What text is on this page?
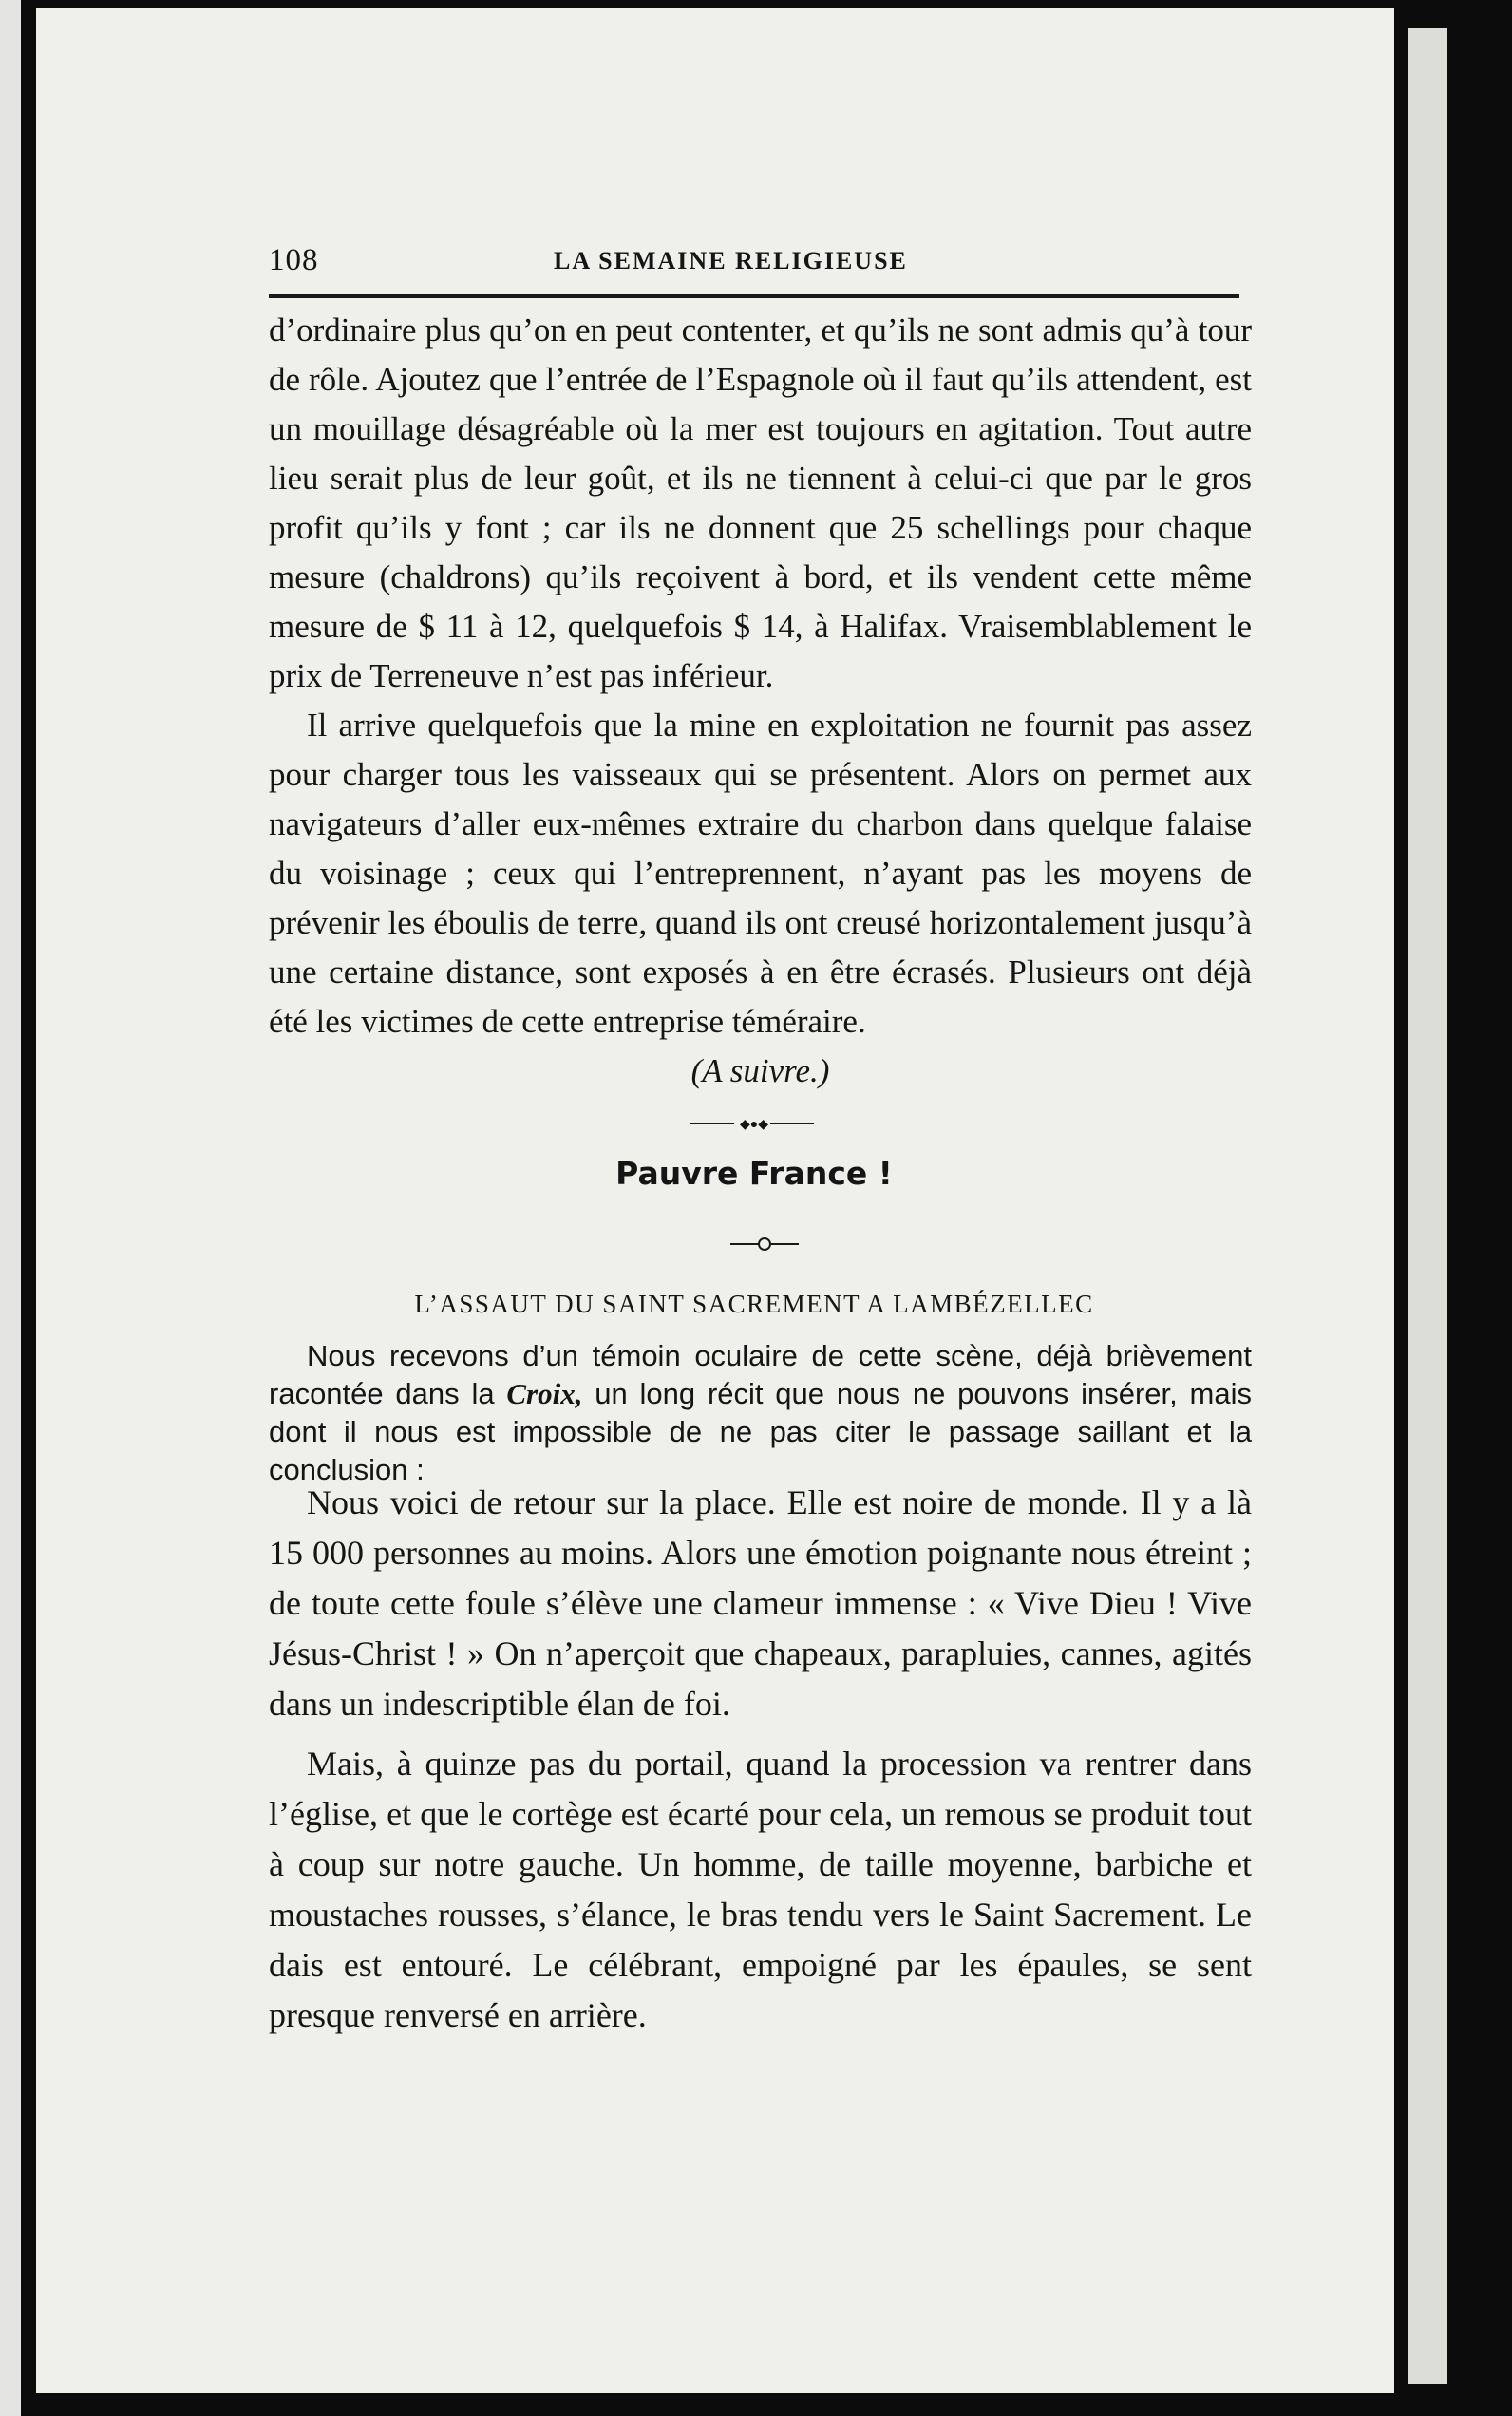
108	LA SEMAINE RELIGIEUSE

d’ordinaire plus qu’on en peut contenter, et qu’ils ne sont admis qu’à tour de rôle. Ajoutez que l’entrée de l’Espagnole où il faut qu’ils attendent, est un mouillage désagréable où la mer est toujours en agitation. Tout autre lieu serait plus de leur goût, et ils ne tiennent à celui-ci que par le gros profit qu’ils y font ; car ils ne donnent que 25 schellings pour chaque mesure (chaldrons) qu’ils reçoivent à bord, et ils vendent cette même mesure de $ 11 à 12, quelquefois $ 14, à Halifax. Vraisemblablement le prix de Terreneuve n’est pas inférieur.

Il arrive quelquefois que la mine en exploitation ne fournit pas assez pour charger tous les vaisseaux qui se présentent. Alors on permet aux navigateurs d’aller eux-mêmes extraire du charbon dans quelque falaise du voisinage ; ceux qui l’entreprennent, n’ayant pas les moyens de prévenir les éboulis de terre, quand ils ont creusé horizontalement jusqu’à une certaine distance, sont exposés à en être écrasés. Plusieurs ont déjà été les victimes de cette entreprise téméraire.

(A suivre.)

◆●◆
Pauvre France !
L’ASSAUT DU SAINT SACREMENT A LAMBÉZELLEC

Nous recevons d’un témoin oculaire de cette scène, déjà brièvement racontée dans la Croix, un long récit que nous ne pouvons insérer, mais dont il nous est impossible de ne pas citer le passage saillant et la conclusion :

Nous voici de retour sur la place. Elle est noire de monde. Il y a là 15 000 personnes au moins. Alors une émotion poignante nous étreint ; de toute cette foule s’élève une clameur immense : « Vive Dieu ! Vive Jésus-Christ ! » On n’aperçoit que chapeaux, parapluies, cannes, agités dans un indescriptible élan de foi.

Mais, à quinze pas du portail, quand la procession va rentrer dans l’église, et que le cortège est écarté pour cela, un remous se produit tout à coup sur notre gauche. Un homme, de taille moyenne, barbiche et moustaches rousses, s’élance, le bras tendu vers le Saint Sacrement. Le dais est entouré. Le célébrant, empoigné par les épaules, se sent presque renversé en arrière.
